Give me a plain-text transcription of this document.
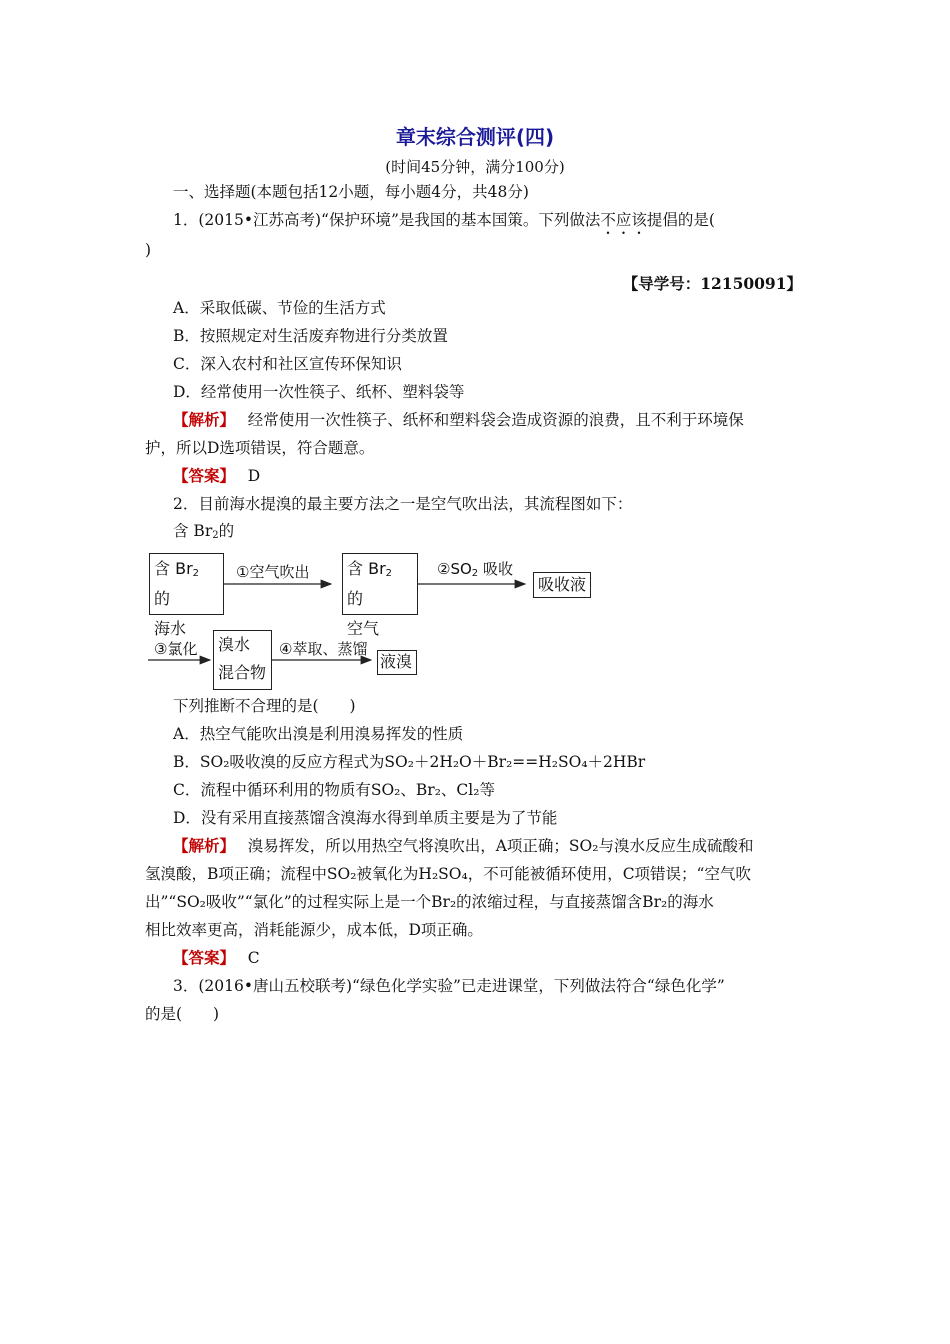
章末综合测评(四)
(时间45分钟，满分100分)
一、选择题(本题包括12小题，每小题4分，共48分)
1．(2015•江苏高考)“保护环境”是我国的基本国策。下列做法不应该提倡的是(
)
【导学号：12150091】
A．采取低碳、节俭的生活方式
B．按照规定对生活废弃物进行分类放置
C．深入农村和社区宣传环保知识
D．经常使用一次性筷子、纸杯、塑料袋等
【解析】　 经常使用一次性筷子、纸杯和塑料袋会造成资源的浪费，且不利于环境保
护，所以D选项错误，符合题意。
【答案】　 D
2．目前海水提溴的最主要方法之一是空气吹出法，其流程图如下：
含 $Br_2$的
含 $Br_2$ 的
海水
①空气吹出 含 $Br_2$ 的
空气
$②SO_2$ 吸收
吸收液
③氯化 溴水
混合物
④萃取、蒸馏
液溴
下列推断不合理的是(　　)
A．热空气能吹出溴是利用溴易挥发的性质
B．SO₂吸收溴的反应方程式为SO₂＋2H₂O＋Br₂==H₂SO₄＋2HBr
C．流程中循环利用的物质有SO₂、Br₂、Cl₂等
D．没有采用直接蒸馏含溴海水得到单质主要是为了节能
【解析】　 溴易挥发，所以用热空气将溴吹出，A项正确；SO₂与溴水反应生成硫酸和
氢溴酸，B项正确；流程中SO₂被氧化为H₂SO₄，不可能被循环使用，C项错误；“空气吹
出”“SO₂吸收”“氯化”的过程实际上是一个Br₂的浓缩过程，与直接蒸馏含Br₂的海水
相比效率更高，消耗能源少，成本低，D项正确。
【答案】　 C
3．(2016•唐山五校联考)“绿色化学实验”已走进课堂，下列做法符合“绿色化学”
的是(　　)
